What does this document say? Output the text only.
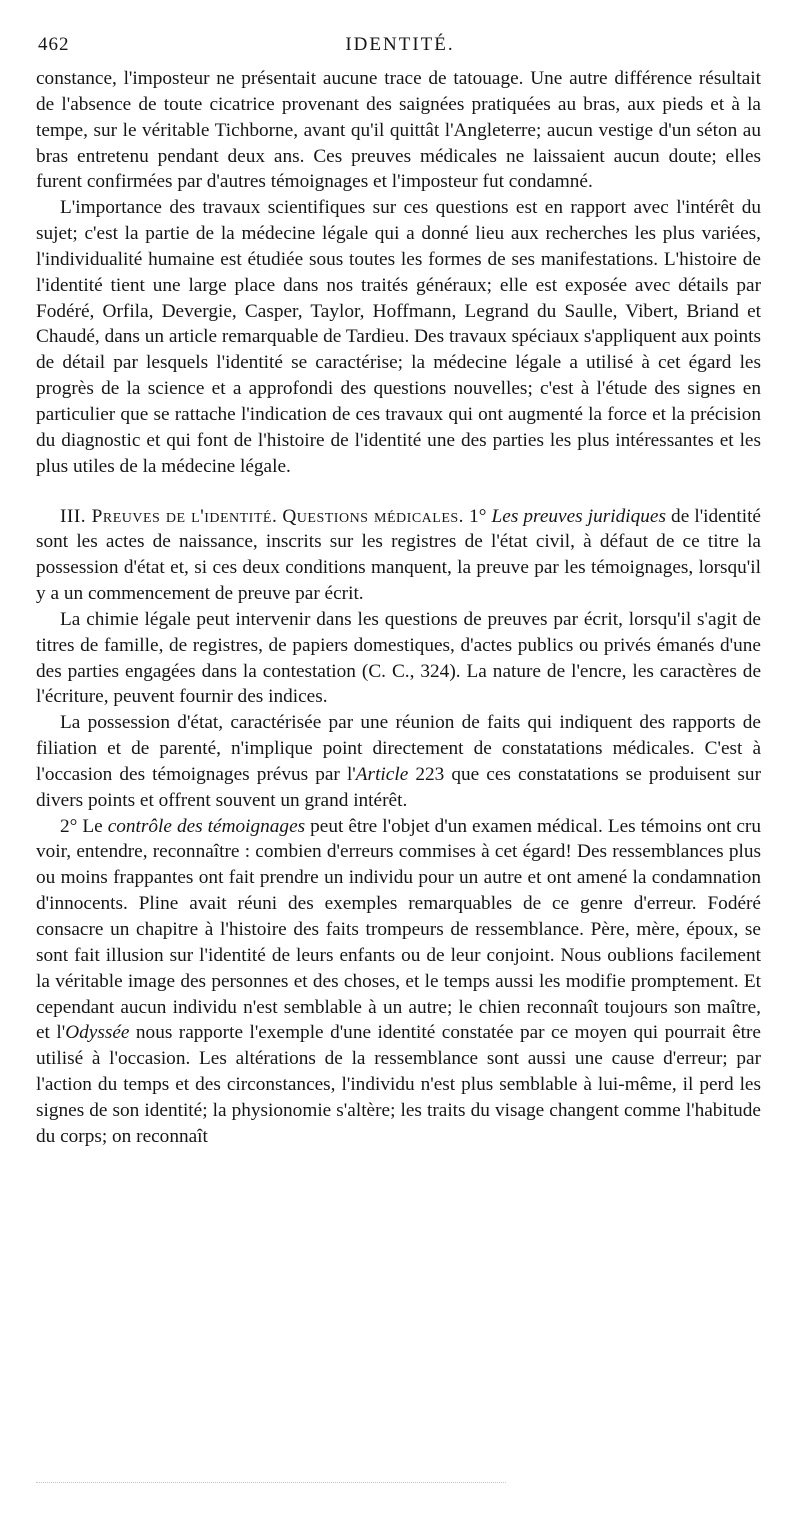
462	IDENTITÉ.

constance, l'imposteur ne présentait aucune trace de tatouage. Une autre différence résultait de l'absence de toute cicatrice provenant des saignées pratiquées au bras, aux pieds et à la tempe, sur le véritable Tichborne, avant qu'il quittât l'Angleterre; aucun vestige d'un séton au bras entretenu pendant deux ans. Ces preuves médicales ne laissaient aucun doute; elles furent confirmées par d'autres témoignages et l'imposteur fut condamné.

L'importance des travaux scientifiques sur ces questions est en rapport avec l'intérêt du sujet; c'est la partie de la médecine légale qui a donné lieu aux recherches les plus variées, l'individualité humaine est étudiée sous toutes les formes de ses manifestations. L'histoire de l'identité tient une large place dans nos traités généraux; elle est exposée avec détails par Fodéré, Orfila, Devergie, Casper, Taylor, Hoffmann, Legrand du Saulle, Vibert, Briand et Chaudé, dans un article remarquable de Tardieu. Des travaux spéciaux s'appliquent aux points de détail par lesquels l'identité se caractérise; la médecine légale a utilisé à cet égard les progrès de la science et a approfondi des questions nouvelles; c'est à l'étude des signes en particulier que se rattache l'indication de ces travaux qui ont augmenté la force et la précision du diagnostic et qui font de l'histoire de l'identité une des parties les plus intéressantes et les plus utiles de la médecine légale.

III. Preuves de l'identité. Questions médicales. 1° Les preuves juridiques de l'identité sont les actes de naissance, inscrits sur les registres de l'état civil, à défaut de ce titre la possession d'état et, si ces deux conditions manquent, la preuve par les témoignages, lorsqu'il y a un commencement de preuve par écrit.

La chimie légale peut intervenir dans les questions de preuves par écrit, lorsqu'il s'agit de titres de famille, de registres, de papiers domestiques, d'actes publics ou privés émanés d'une des parties engagées dans la contestation (C. C., 324). La nature de l'encre, les caractères de l'écriture, peuvent fournir des indices.

La possession d'état, caractérisée par une réunion de faits qui indiquent des rapports de filiation et de parenté, n'implique point directement de constatations médicales. C'est à l'occasion des témoignages prévus par l'Article 223 que ces constatations se produisent sur divers points et offrent souvent un grand intérêt.

2° Le contrôle des témoignages peut être l'objet d'un examen médical. Les témoins ont cru voir, entendre, reconnaître : combien d'erreurs commises à cet égard! Des ressemblances plus ou moins frappantes ont fait prendre un individu pour un autre et ont amené la condamnation d'innocents. Pline avait réuni des exemples remarquables de ce genre d'erreur. Fodéré consacre un chapitre à l'histoire des faits trompeurs de ressemblance. Père, mère, époux, se sont fait illusion sur l'identité de leurs enfants ou de leur conjoint. Nous oublions facilement la véritable image des personnes et des choses, et le temps aussi les modifie promptement. Et cependant aucun individu n'est semblable à un autre; le chien reconnaît toujours son maître, et l'Odyssée nous rapporte l'exemple d'une identité constatée par ce moyen qui pourrait être utilisé à l'occasion. Les altérations de la ressemblance sont aussi une cause d'erreur; par l'action du temps et des circonstances, l'individu n'est plus semblable à lui-même, il perd les signes de son identité; la physionomie s'altère; les traits du visage changent comme l'habitude du corps; on reconnaît
